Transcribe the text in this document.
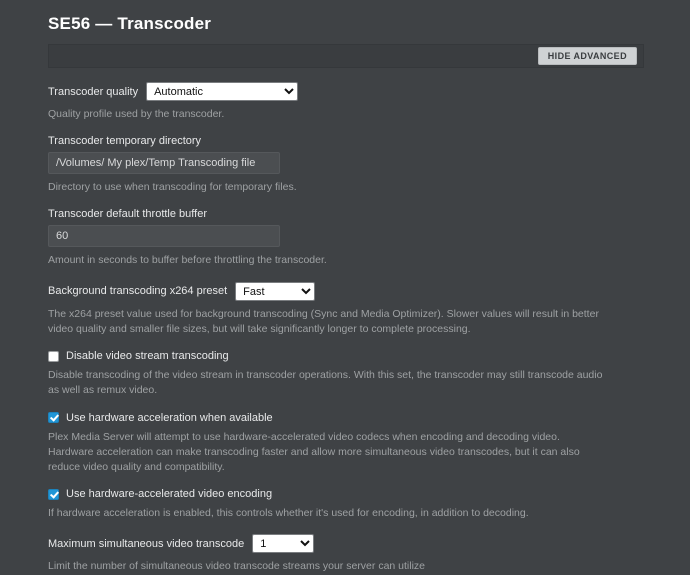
SE56 — Transcoder
HIDE ADVANCED
Transcoder quality
Automatic
Quality profile used by the transcoder.
Transcoder temporary directory
/Volumes/ My plex/Temp Transcoding file
Directory to use when transcoding for temporary files.
Transcoder default throttle buffer
60
Amount in seconds to buffer before throttling the transcoder.
Background transcoding x264 preset
Fast
The x264 preset value used for background transcoding (Sync and Media Optimizer). Slower values will result in better video quality and smaller file sizes, but will take significantly longer to complete processing.
Disable video stream transcoding
Disable transcoding of the video stream in transcoder operations. With this set, the transcoder may still transcode audio as well as remux video.
Use hardware acceleration when available
Plex Media Server will attempt to use hardware-accelerated video codecs when encoding and decoding video. Hardware acceleration can make transcoding faster and allow more simultaneous video transcodes, but it can also reduce video quality and compatibility.
Use hardware-accelerated video encoding
If hardware acceleration is enabled, this controls whether it's used for encoding, in addition to decoding.
Maximum simultaneous video transcode
1
Limit the number of simultaneous video transcode streams your server can utilize
